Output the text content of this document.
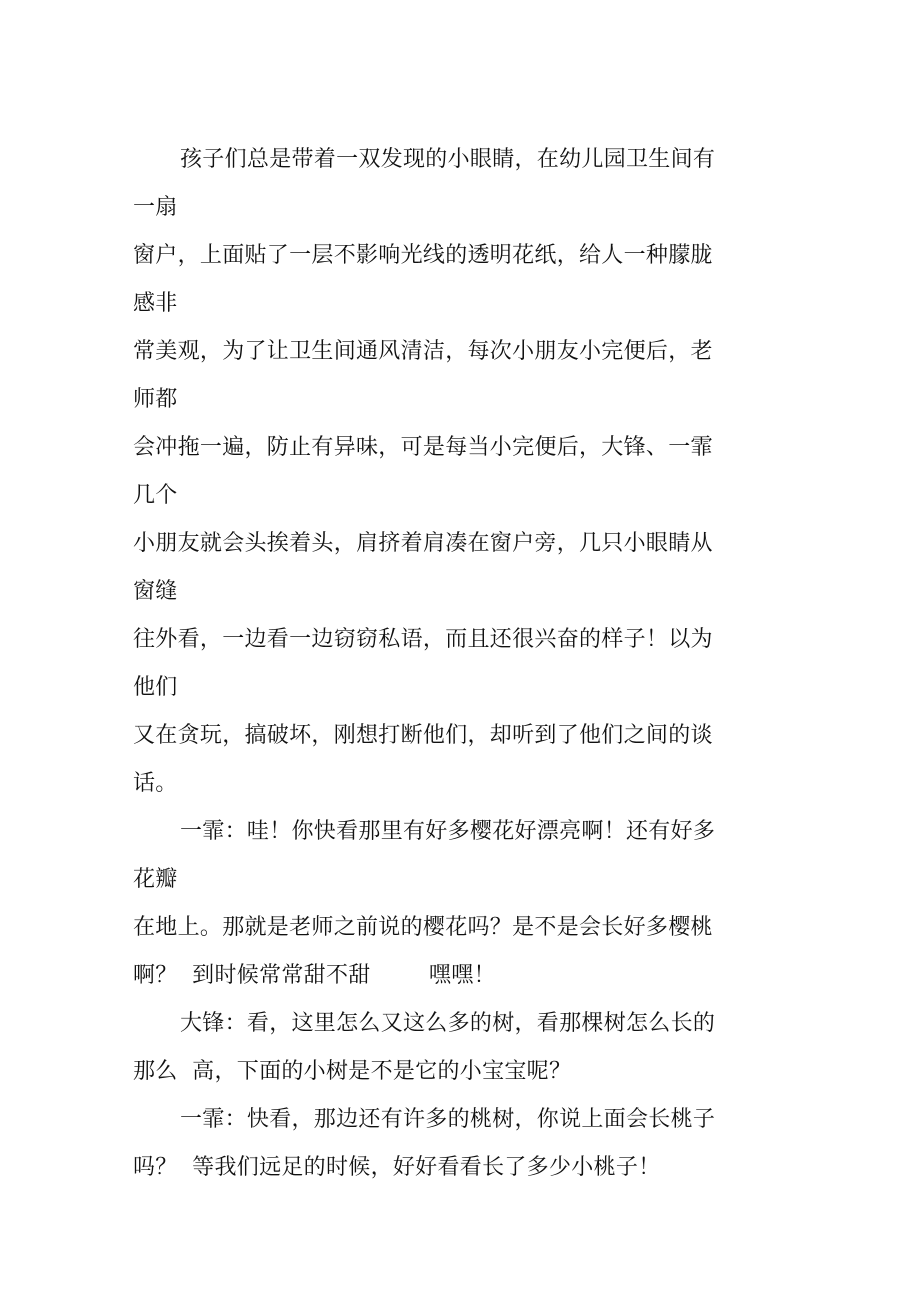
孩子们总是带着一双发现的小眼睛，在幼儿园卫生间有
一扇
窗户，上面贴了一层不影响光线的透明花纸，给人一种朦胧
感非
常美观，为了让卫生间通风清洁，每次小朋友小完便后，老
师都
会冲拖一遍，防止有异味，可是每当小完便后，大锋、一霏
几个
小朋友就会头挨着头，肩挤着肩凑在窗户旁，几只小眼睛从
窗缝
往外看，一边看一边窃窃私语，而且还很兴奋的样子！以为
他们
又在贪玩，搞破坏，刚想打断他们，却听到了他们之间的谈
话。
一霏：哇！你快看那里有好多樱花好漂亮啊！还有好多
花瓣
在地上。那就是老师之前说的樱花吗？是不是会长好多樱桃
啊？  到时候常常甜不甜        嘿嘿！
大锋：看，这里怎么又这么多的树，看那棵树怎么长的
那么  高，下面的小树是不是它的小宝宝呢？
一霏：快看，那边还有许多的桃树，你说上面会长桃子
吗？  等我们远足的时候，好好看看长了多少小桃子！
